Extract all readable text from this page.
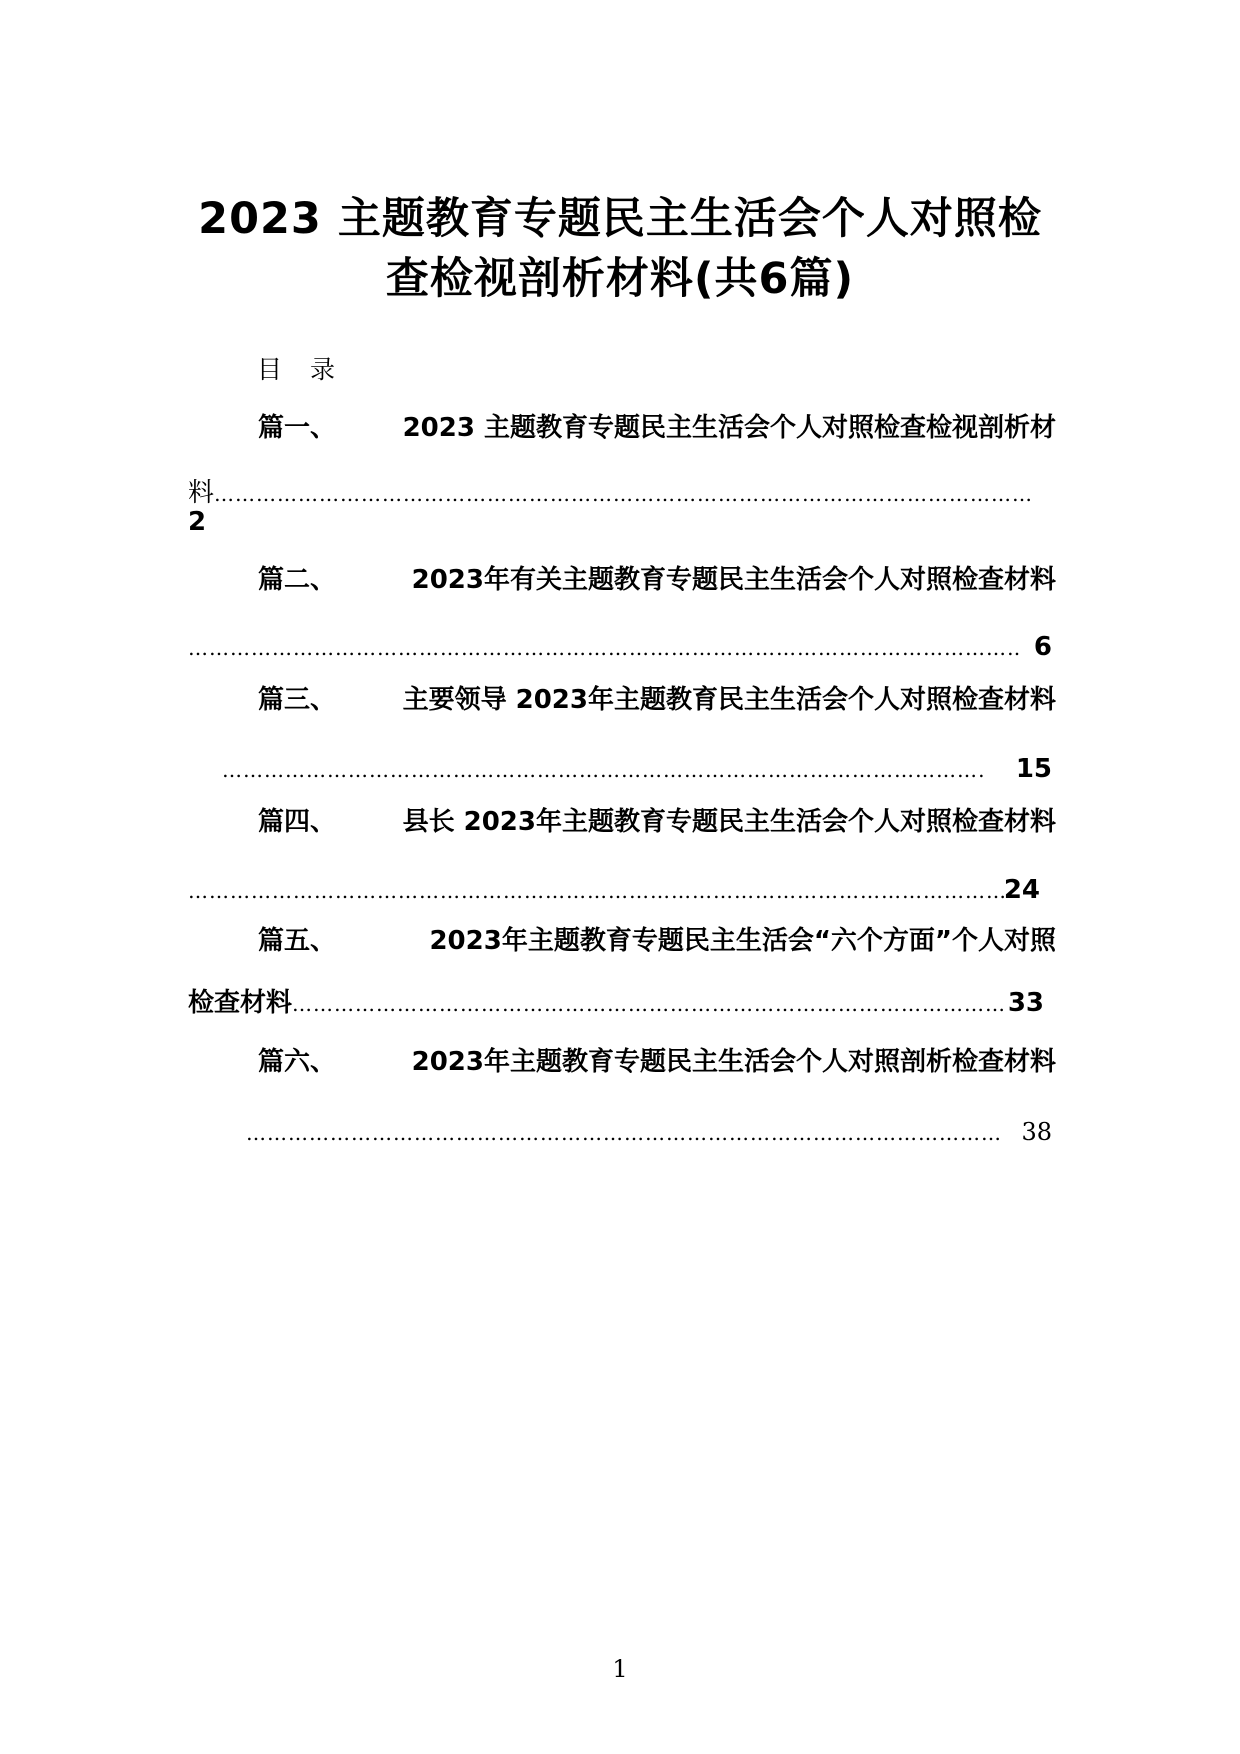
2023 主题教育专题民主生活会个人对照检
查检视剖析材料(共6篇)
目录
篇一、	2023 主题教育专题民主生活会个人对照检查检视剖析材
料
…………………………………………………………………………………………………………………………………………………………………………………………
2
篇二、	2023年有关主题教育专题民主生活会个人对照检查材料
…………………………………………………………………………………………………………………………………………………………………………………………
6
篇三、	主要领导 2023年主题教育民主生活会个人对照检查材料
…………………………………………………………………………………………………………………………………………………………………………………………
15
篇四、	县长 2023年主题教育专题民主生活会个人对照检查材料
…………………………………………………………………………………………………………………………………………………………………………………………
24
篇五、	2023年主题教育专题民主生活会“六个方面”个人对照
检查材料
…………………………………………………………………………………………………………………………………………………………………………………………	33
篇六、	2023年主题教育专题民主生活会个人对照剖析检查材料
…………………………………………………………………………………………………………………………………………………………………………………………
38
1
